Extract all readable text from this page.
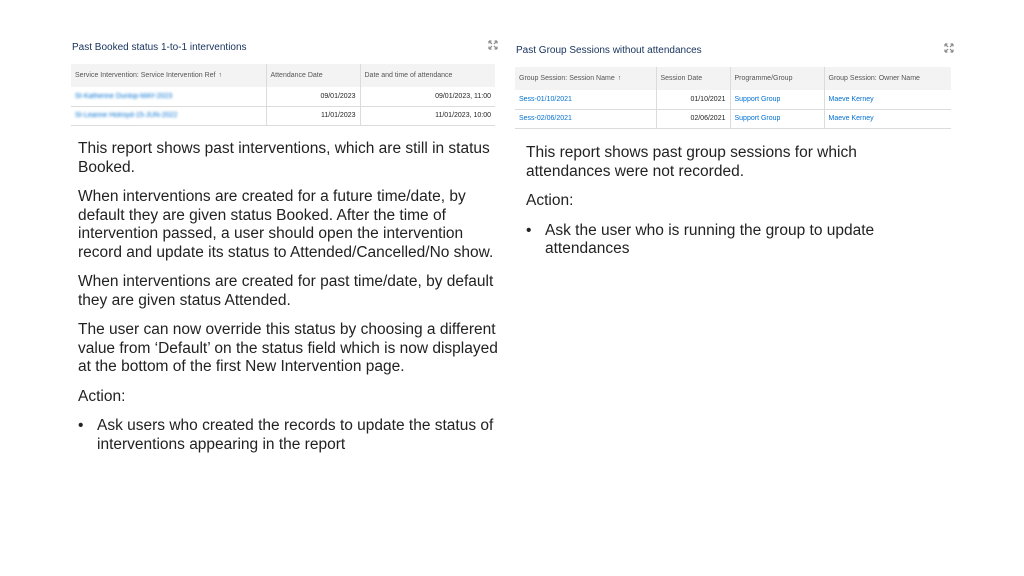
Past Booked status 1-to-1 interventions
Service Intervention: Service Intervention Ref ↑	Attendance Date	Date and time of attendance
SI-Katherine Dunlop-MAY-2023	09/01/2023	09/01/2023, 11:00
SI-Leanne Holroyd-15-JUN-2022	11/01/2023	11/01/2023, 10:00
Past Group Sessions without attendances
Group Session: Session Name ↑	Session Date	Programme/Group	Group Session: Owner Name
Sess-01/10/2021	01/10/2021	Support Group	Maeve Kerney
Sess-02/06/2021	02/06/2021	Support Group	Maeve Kerney

This report shows past interventions, which are still in status Booked.

When interventions are created for a future time/date, by default they are given status Booked. After the time of intervention passed, a user should open the intervention record and update its status to Attended/Cancelled/No show.

When interventions are created for past time/date, by default they are given status Attended.

The user can now override this status by choosing a different value from ‘Default’ on the status field which is now displayed at the bottom of the first New Intervention page.

Action:

• Ask users who created the records to update the status of interventions appearing in the report

This report shows past group sessions for which attendances were not recorded.

Action:

• Ask the user who is running the group to update attendances
